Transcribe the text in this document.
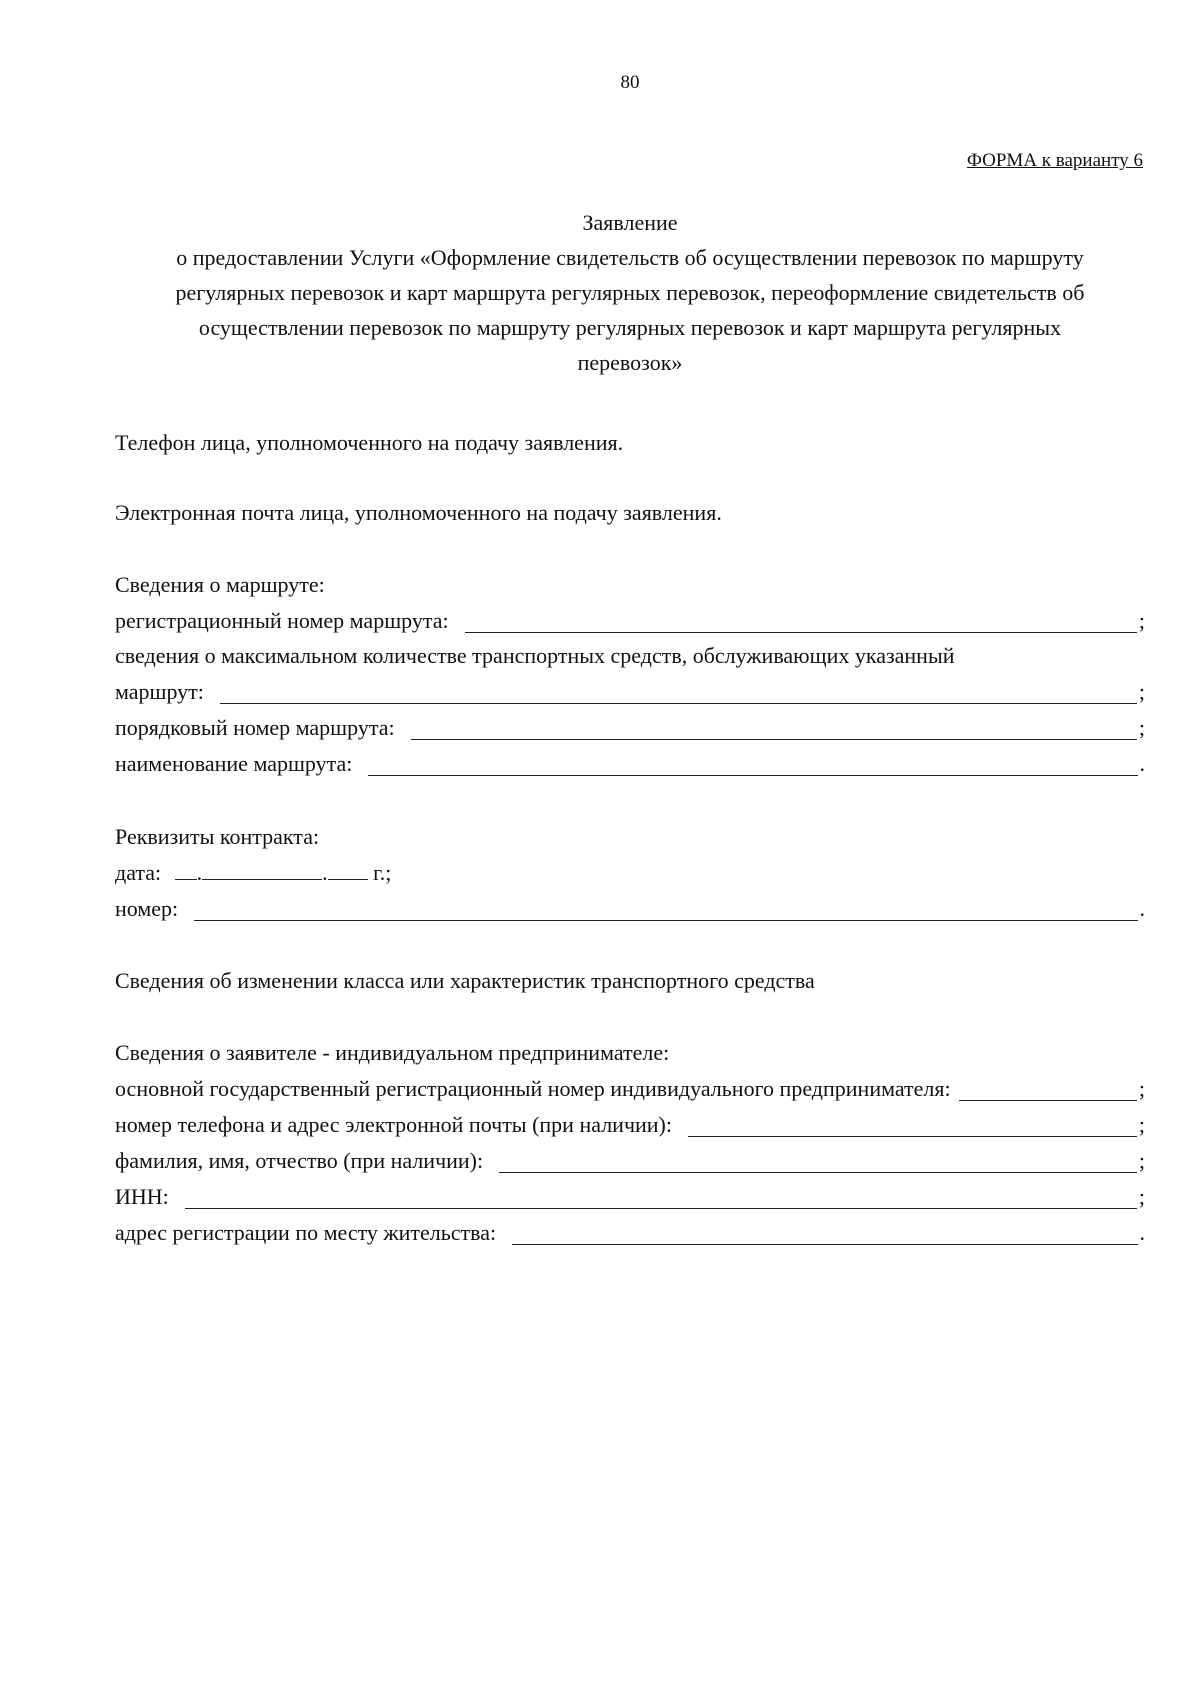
80
ФОРМА к варианту 6
Заявление
о предоставлении Услуги «Оформление свидетельств об осуществлении перевозок по маршруту
регулярных перевозок и карт маршрута регулярных перевозок, переоформление свидетельств об
осуществлении перевозок по маршруту регулярных перевозок и карт маршрута регулярных
перевозок»
Телефон лица, уполномоченного на подачу заявления.
Электронная почта лица, уполномоченного на подачу заявления.
Сведения о маршруте:
регистрационный номер маршрута:	;
сведения о максимальном количестве транспортных средств, обслуживающих указанный
маршрут:	;
порядковый номер маршрута:	;
наименование маршрута:	.
Реквизиты контракта:
дата: .	. г.;
номер:	.
Сведения об изменении класса или характеристик транспортного средства
Сведения о заявителе - индивидуальном предпринимателе:
основной государственный регистрационный номер индивидуального предпринимателя:	;
номер телефона и адрес электронной почты (при наличии):	;
фамилия, имя, отчество (при наличии):	;
ИНН:	;
адрес регистрации по месту жительства:	.
